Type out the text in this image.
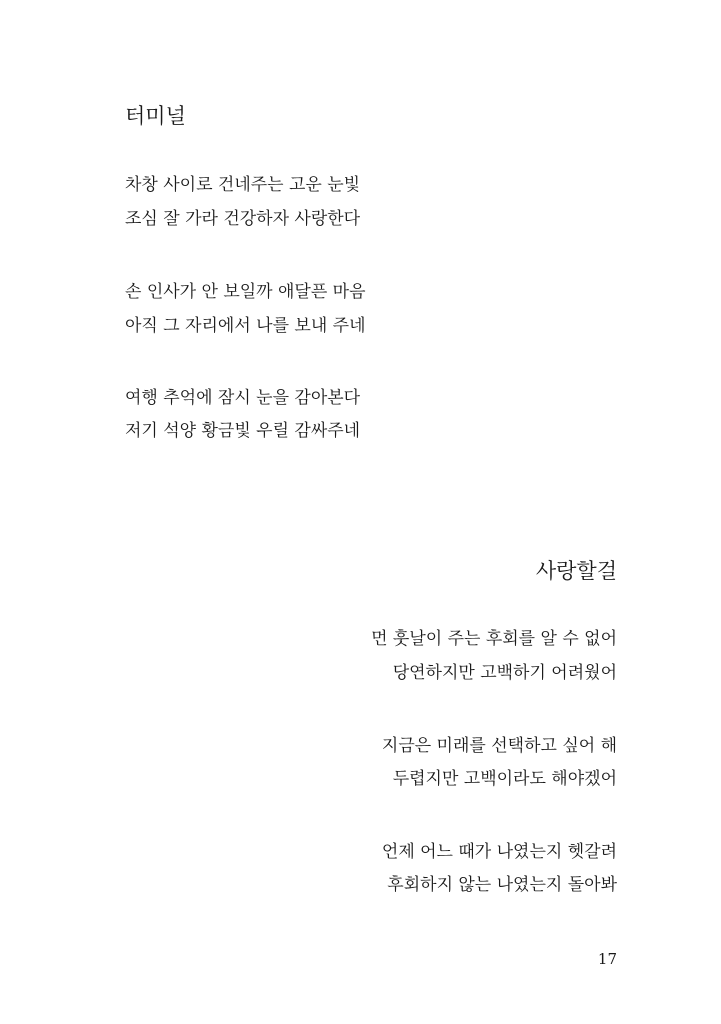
터미널
차창 사이로 건네주는 고운 눈빛
조심 잘 가라 건강하자 사랑한다
손 인사가 안 보일까 애달픈 마음
아직 그 자리에서 나를 보내 주네
여행 추억에 잠시 눈을 감아본다
저기 석양 황금빛 우릴 감싸주네
사랑할걸
먼 훗날이 주는 후회를 알 수 없어
당연하지만 고백하기 어려웠어
지금은 미래를 선택하고 싶어 해
두렵지만 고백이라도 해야겠어
언제 어느 때가 나였는지 헷갈려
후회하지 않는 나였는지 돌아봐
17
